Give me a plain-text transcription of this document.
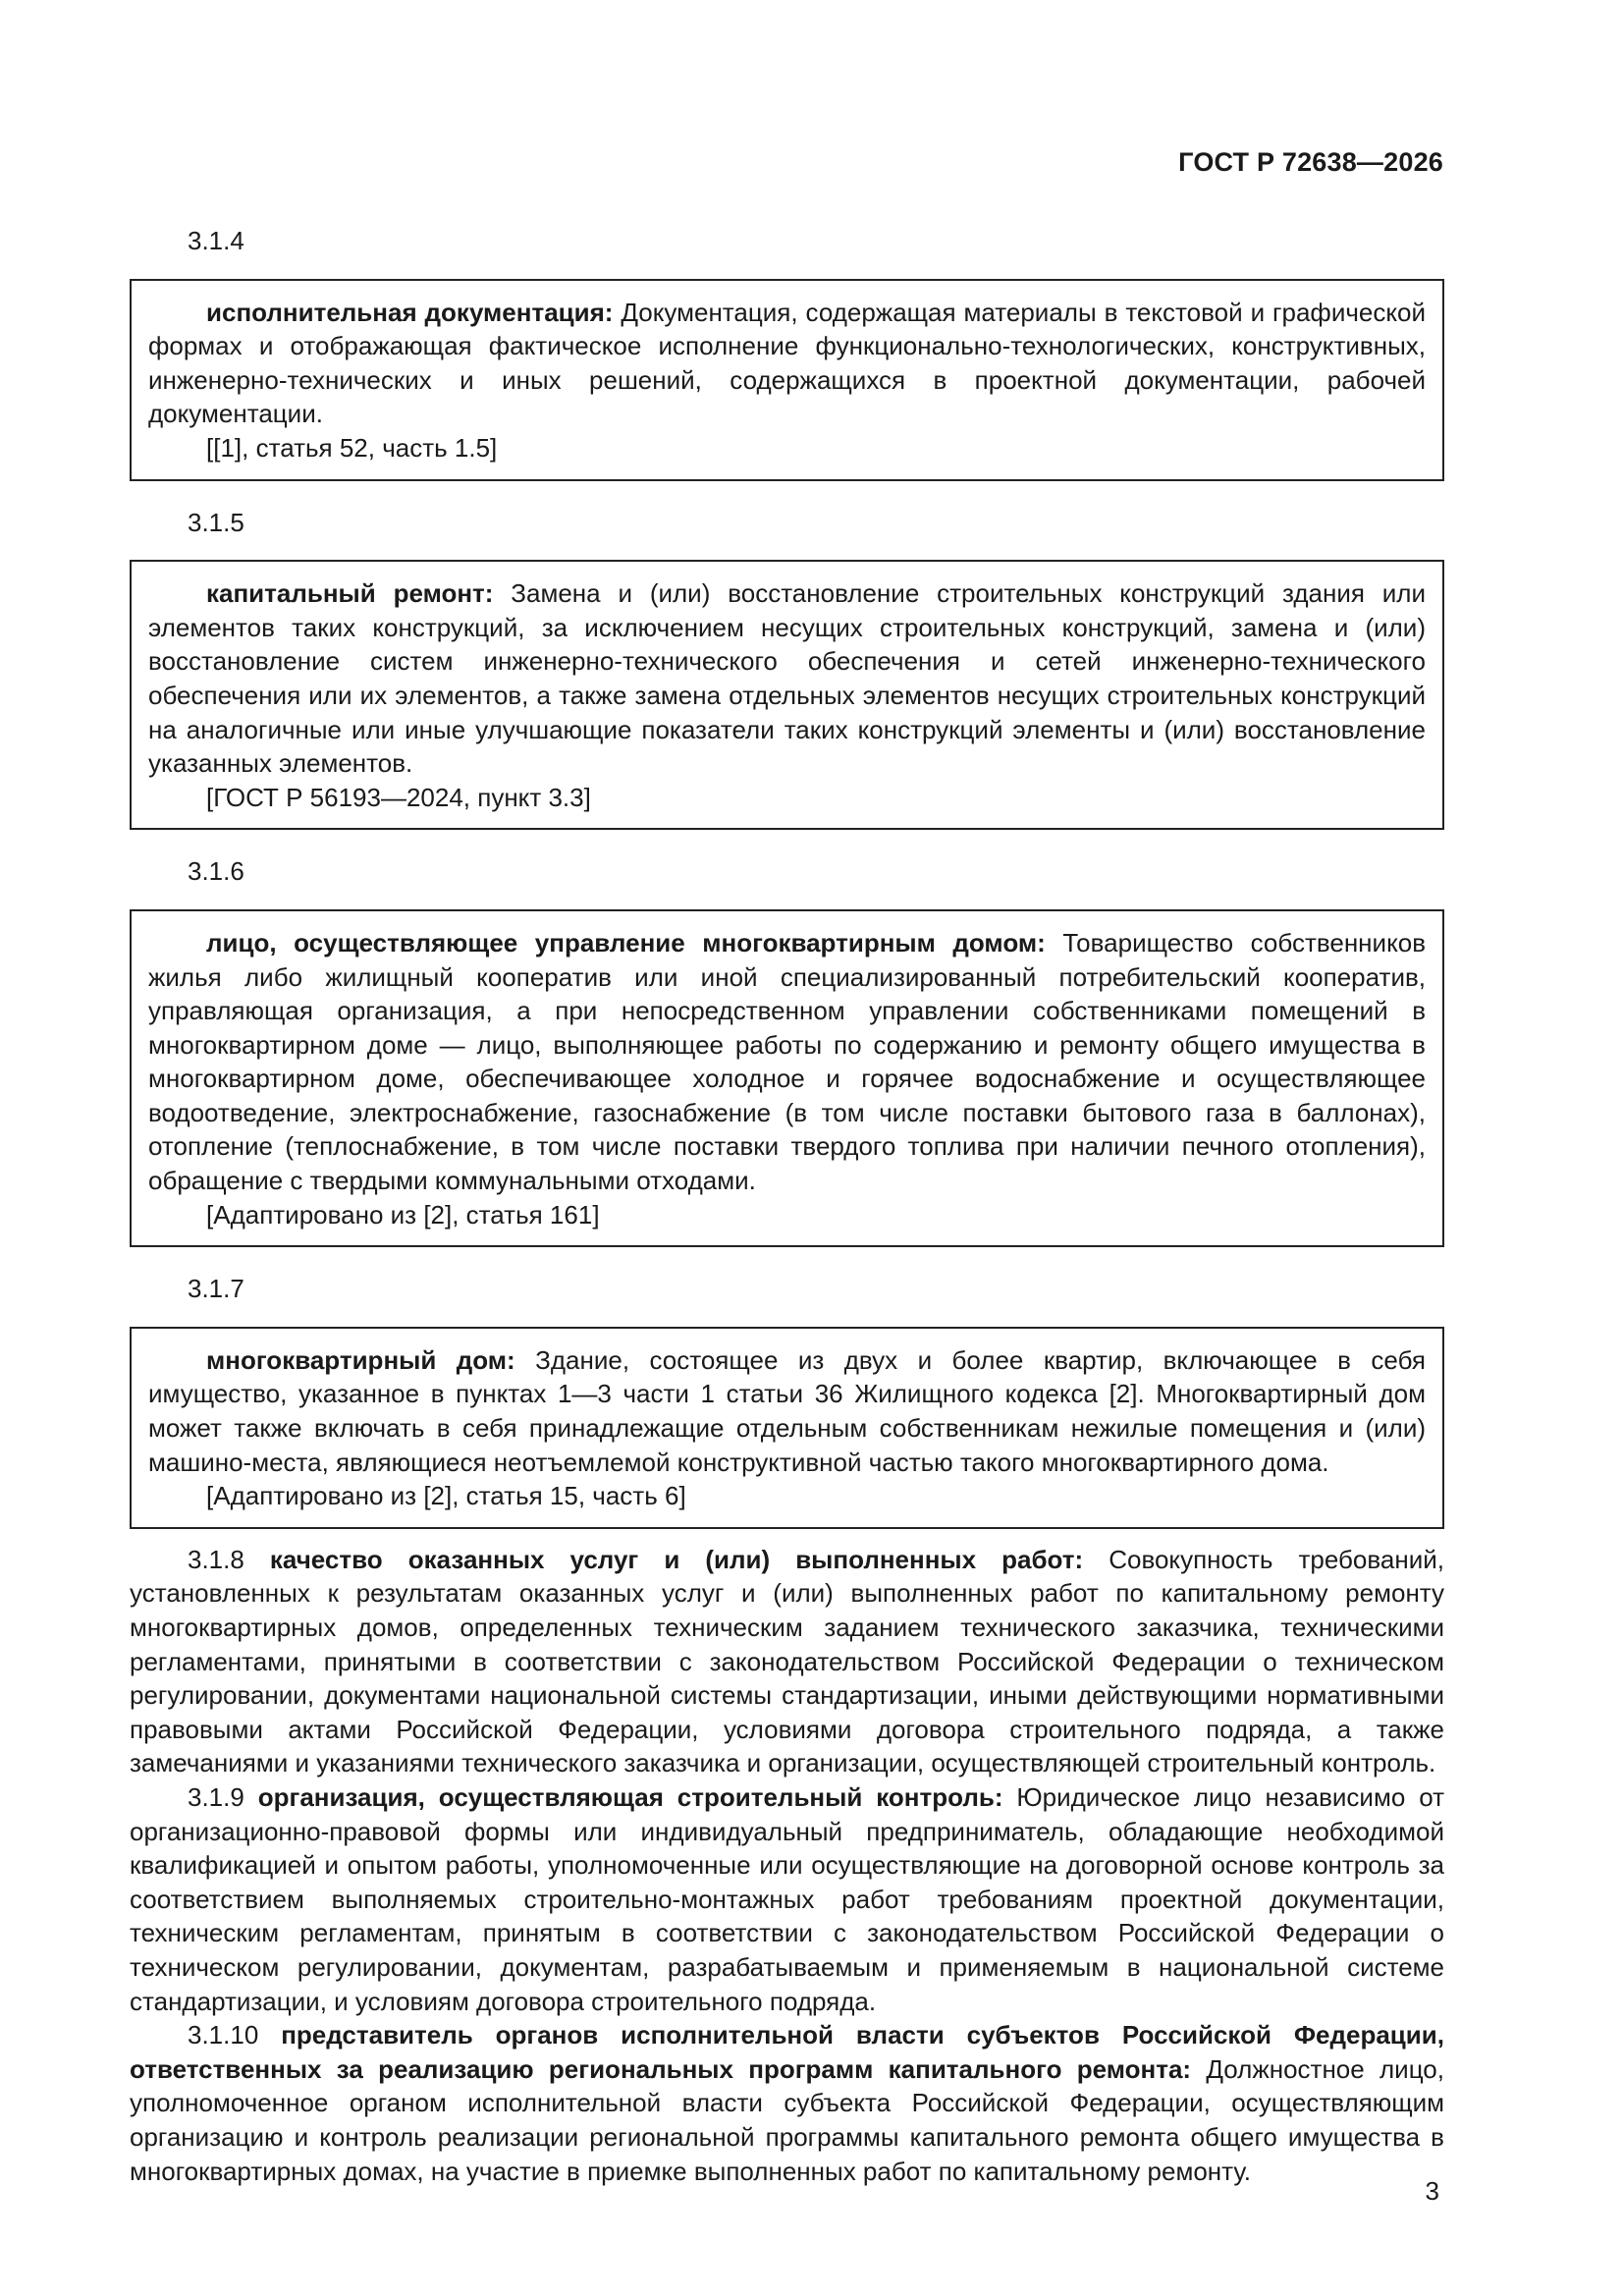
ГОСТ Р 72638—2026
3.1.4

исполнительная документация: Документация, содержащая материалы в текстовой и графической формах и отображающая фактическое исполнение функционально-технологических, конструктивных, инженерно-технических и иных решений, содержащихся в проектной документации, рабочей документации.

[[1], статья 52, часть 1.5]

3.1.5

капитальный ремонт: Замена и (или) восстановление строительных конструкций здания или элементов таких конструкций, за исключением несущих строительных конструкций, замена и (или) восстановление систем инженерно-технического обеспечения и сетей инженерно-технического обеспечения или их элементов, а также замена отдельных элементов несущих строительных конструкций на аналогичные или иные улучшающие показатели таких конструкций элементы и (или) восстановление указанных элементов.

[ГОСТ Р 56193—2024, пункт 3.3]

3.1.6

лицо, осуществляющее управление многоквартирным домом: Товарищество собственников жилья либо жилищный кооператив или иной специализированный потребительский кооператив, управляющая организация, а при непосредственном управлении собственниками помещений в многоквартирном доме — лицо, выполняющее работы по содержанию и ремонту общего имущества в многоквартирном доме, обеспечивающее холодное и горячее водоснабжение и осуществляющее водоотведение, электроснабжение, газоснабжение (в том числе поставки бытового газа в баллонах), отопление (теплоснабжение, в том числе поставки твердого топлива при наличии печного отопления), обращение с твердыми коммунальными отходами.

[Адаптировано из [2], статья 161]

3.1.7

многоквартирный дом: Здание, состоящее из двух и более квартир, включающее в себя имущество, указанное в пунктах 1—3 части 1 статьи 36 Жилищного кодекса [2]. Многоквартирный дом может также включать в себя принадлежащие отдельным собственникам нежилые помещения и (или) машино-места, являющиеся неотъемлемой конструктивной частью такого многоквартирного дома.

[Адаптировано из [2], статья 15, часть 6]

3.1.8 качество оказанных услуг и (или) выполненных работ: Совокупность требований, установленных к результатам оказанных услуг и (или) выполненных работ по капитальному ремонту многоквартирных домов, определенных техническим заданием технического заказчика, техническими регламентами, принятыми в соответствии с законодательством Российской Федерации о техническом регулировании, документами национальной системы стандартизации, иными действующими нормативными правовыми актами Российской Федерации, условиями договора строительного подряда, а также замечаниями и указаниями технического заказчика и организации, осуществляющей строительный контроль.

3.1.9 организация, осуществляющая строительный контроль: Юридическое лицо независимо от организационно-правовой формы или индивидуальный предприниматель, обладающие необходимой квалификацией и опытом работы, уполномоченные или осуществляющие на договорной основе контроль за соответствием выполняемых строительно-монтажных работ требованиям проектной документации, техническим регламентам, принятым в соответствии с законодательством Российской Федерации о техническом регулировании, документам, разрабатываемым и применяемым в национальной системе стандартизации, и условиям договора строительного подряда.

3.1.10 представитель органов исполнительной власти субъектов Российской Федерации, ответственных за реализацию региональных программ капитального ремонта: Должностное лицо, уполномоченное органом исполнительной власти субъекта Российской Федерации, осуществляющим организацию и контроль реализации региональной программы капитального ремонта общего имущества в многоквартирных домах, на участие в приемке выполненных работ по капитальному ремонту.

3
